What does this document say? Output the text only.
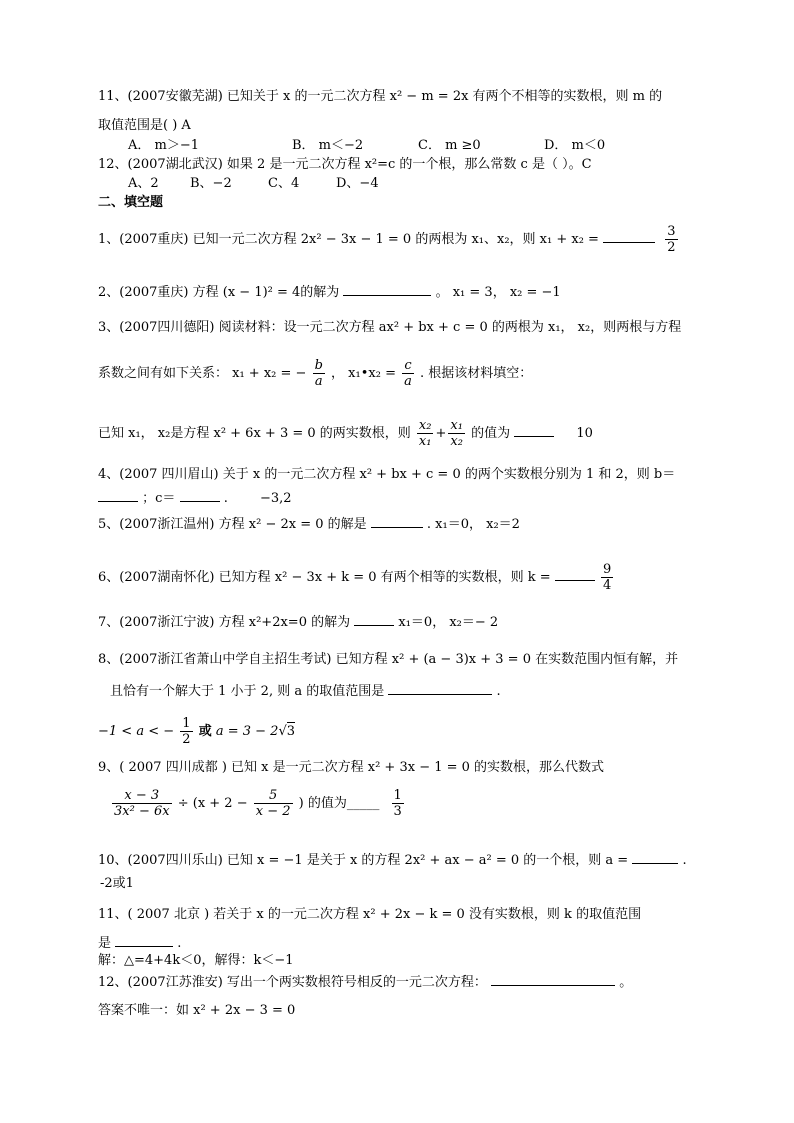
11、(2007安徽芜湖) 已知关于 x 的一元二次方程 x² − m = 2x 有两个不相等的实数根，则 m 的
取值范围是( ) A
A． m＞−1	B． m＜−2	C． m ≥0	D． m＜0
12、(2007湖北武汉) 如果 2 是一元二次方程 x²=c 的一个根，那么常数 c 是（ ）。C
A、2 B、−2	C、4	D、−4
二、填空题
1、(2007重庆) 已知一元二次方程 2x² − 3x − 1 = 0 的两根为 x₁、x₂，则 x₁ + x₂ =	$\frac{3}{2}$
2、(2007重庆) 方程 (x − 1)² = 4的解为	。 x₁ = 3， x₂ = −1
3、(2007四川德阳) 阅读材料：设一元二次方程 ax² + bx + c = 0 的两根为 x₁， x₂，则两根与方程
系数之间有如下关系： x₁ + x₂ = − $\frac{b}{a}$ ， x₁•x₂ = $\frac{c}{a}$ . 根据该材料填空：
已知 x₁， x₂是方程 x² + 6x + 3 = 0 的两实数根，则 $\frac{\text{x₂}}{\text{x₁}} + \frac{\text{x₁}}{\text{x₂}}$ 的值为	10
4、(2007 四川眉山) 关于 x 的一元二次方程 x² + bx + c = 0 的两个实数根分别为 1 和 2，则 b＝
；c＝	. −3,2
5、(2007浙江温州) 方程 x² − 2x = 0 的解是	. x₁＝0， x₂＝2
6、(2007湖南怀化) 已知方程 x² − 3x + k = 0 有两个相等的实数根，则 k =	$\frac{9}{4}$
7、(2007浙江宁波) 方程 x²+2x=0 的解为	x₁＝0， x₂＝− 2
8、(2007浙江省萧山中学自主招生考试) 已知方程 x² + (a − 3)x + 3 = 0 在实数范围内恒有解，并
且恰有一个解大于 1 小于 2, 则 a 的取值范围是	.
−1 < a < − $\frac{1}{2}$ 或 a = 3 − 2√3
9、( 2007 四川成都 ) 已知 x 是一元二次方程 x² + 3x − 1 = 0 的实数根，那么代数式
$\frac{x - 3}{\text{3x² − 6x}} \div (x + 2 - \frac{5}{x - 2}$ ) 的值为_____ $\frac{1}{3}$
10、(2007四川乐山) 已知 x = −1 是关于 x 的方程 2x² + ax − a² = 0 的一个根，则 a =	.
-2或1
11、( 2007 北京 ) 若关于 x 的一元二次方程 x² + 2x − k = 0 没有实数根，则 k 的取值范围
是	.
解：△=4+4k＜0，解得：k＜−1
12、(2007江苏淮安) 写出一个两实数根符号相反的一元二次方程：	。
答案不唯一：如 x² + 2x − 3 = 0
